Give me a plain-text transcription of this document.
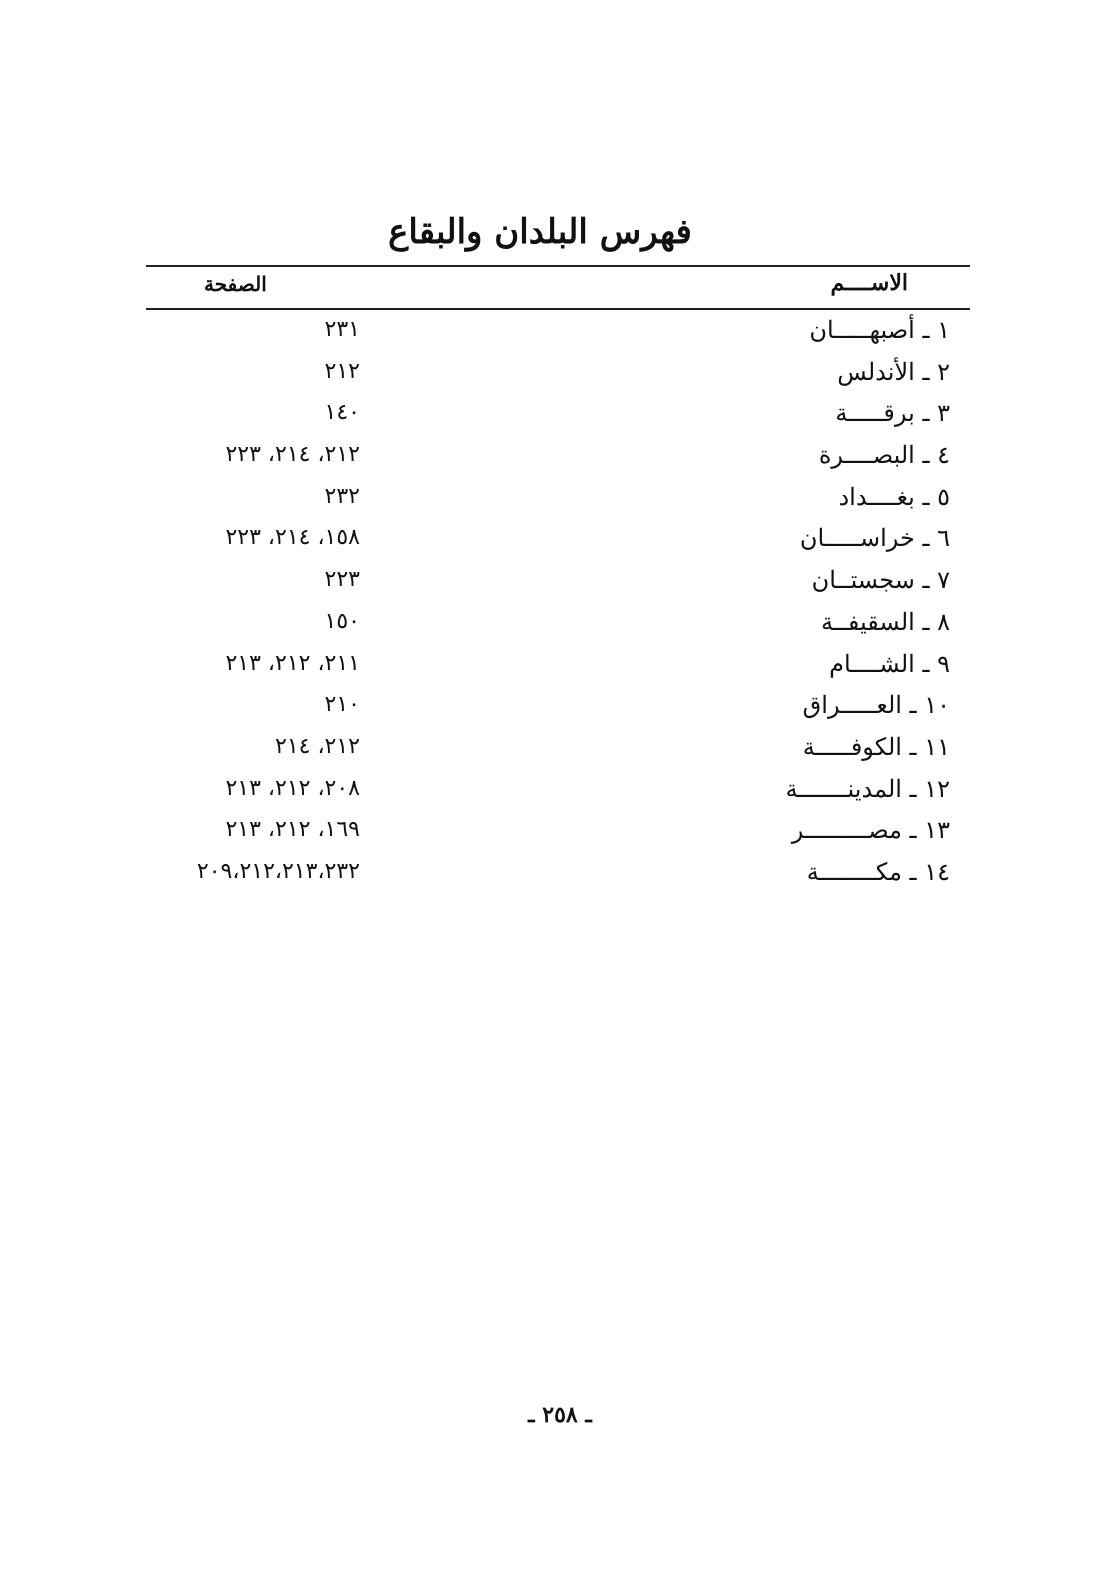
فهرس البلدان والبقاع
الاســــم
الصفحة
١ ـ أصبهـــــان
٢٣١
٢ ـ الأندلس
٢١٢
٣ ـ برقـــــة
١٤٠
٤ ـ البصــــرة
٢١٢، ٢١٤، ٢٢٣
٥ ـ بغــــداد
٢٣٢
٦ ـ خراســـــان
١٥٨، ٢١٤، ٢٢٣
٧ ـ سجستــان
٢٢٣
٨ ـ السقيفــة
١٥٠
٩ ـ الشــــام
٢١١، ٢١٢، ٢١٣
١٠ ـ العـــــراق
٢١٠
١١ ـ الكوفـــــة
٢١٢، ٢١٤
١٢ ـ المدينـــــــة
٢٠٨، ٢١٢، ٢١٣
١٣ ـ مصـــــــــر
١٦٩، ٢١٢، ٢١٣
١٤ ـ مكــــــــة
٢٠٩،٢١٢،٢١٣،٢٣٢
ـ ٢٥٨ ـ
